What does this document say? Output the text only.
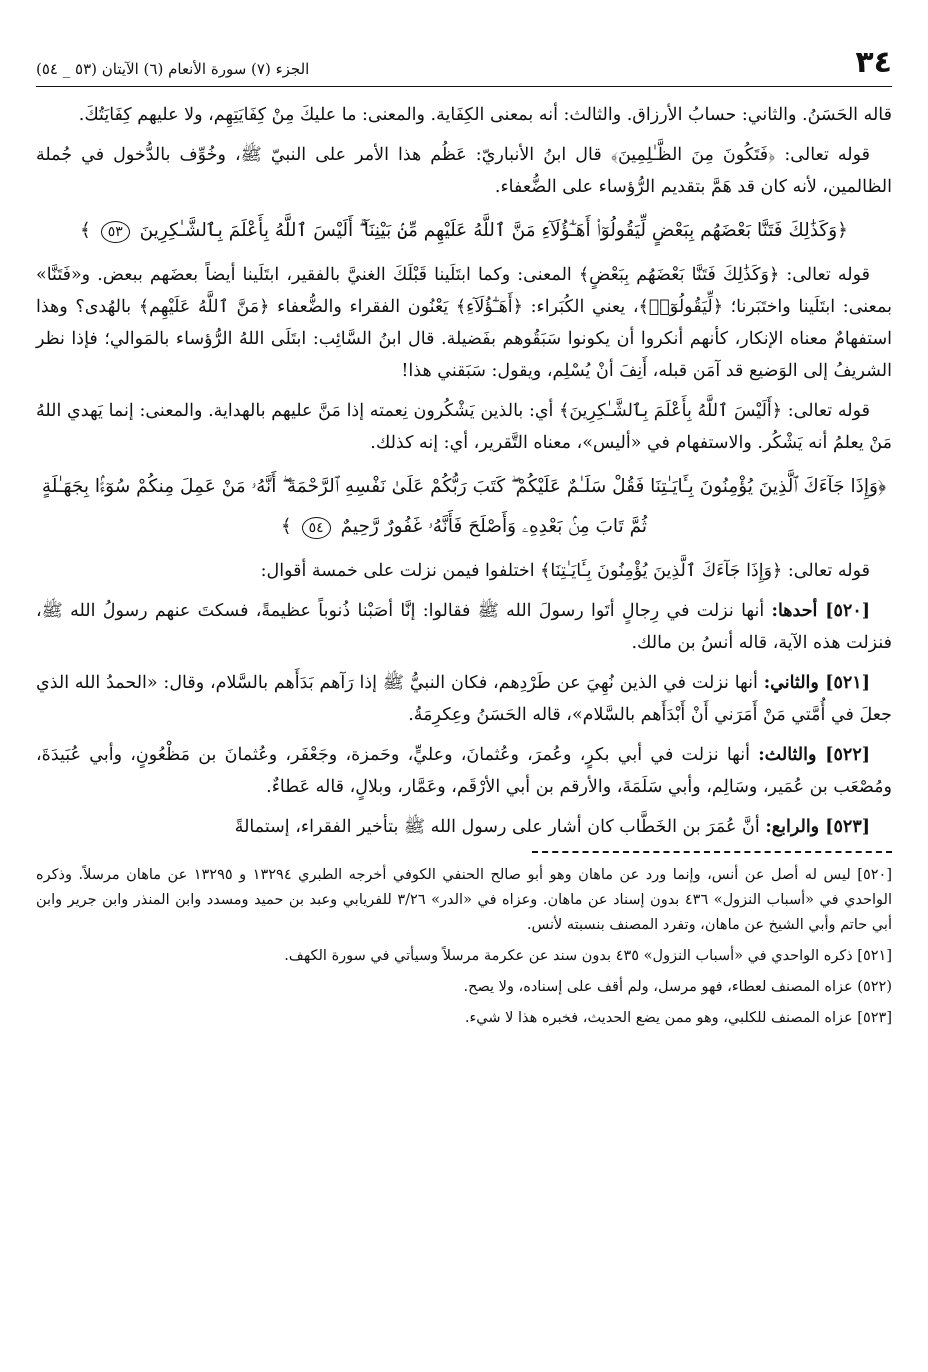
٣٤
الجزء (٧) سورة الأنعام (٦) الآيتان (٥٣ _ ٥٤)

قاله الحَسَنُ. والثاني: حسابُ الأرزاق. والثالث: أنه بمعنى الكِفَاية. والمعنى: ما عليكَ مِنْ كِفَايَتِهِم، ولا عليهم كِفَايَتُكَ.

قوله تعالى: ﴿فَتَكُونَ مِنَ الظَّـٰلِمِينَ﴾ قال ابنُ الأنباريّ: عَظُم هذا الأمر على النبيّ ﷺ، وخُوِّف بالدُّخول في جُملة الظالمين، لأنه كان قد هَمَّ بتقديم الرُّؤساء على الضُّعفاء.

﴿وَكَذَٰلِكَ فَتَنَّا بَعْضَهُم بِبَعْضٍ لِّيَقُولُوٓا۟ أَهَـٰٓؤُلَآءِ مَنَّ ٱللَّهُ عَلَيْهِم مِّنۢ بَيْنِنَآ ۗ أَلَيْسَ ٱللَّهُ بِأَعْلَمَ بِٱلشَّـٰكِرِينَ ٥٣ ﴾

قوله تعالى: ﴿وَكَذَٰلِكَ فَتَنَّا بَعْضَهُم بِبَعْضٍ﴾ المعنى: وكما ابتَلَينا قَبْلَكَ الغنيَّ بالفقير، ابتَلَينا أيضاً بعضَهم ببعض. و«فَتَنَّا» بمعنى: ابتَلَينا واختَبَرنا؛ ﴿لِّيَقُولُوٓا۟﴾، يعني الكُبَراء: ﴿أَهَـٰٓؤُلَآءِ﴾ يَعْنُون الفقراء والضُّعفاء ﴿مَنَّ ٱللَّهُ عَلَيْهِم﴾ بالهُدى؟ وهذا استفهامٌ معناه الإنكار، كأنهم أنكروا أن يكونوا سَبَقُوهم بفَضيلة. قال ابنُ السَّائِب: ابتَلَى اللهُ الرُّؤساء بالمَوالي؛ فإذا نظر الشريفُ إلى الوَضيع قد آمَن قبله، أَنِفَ أنْ يُسْلِم، ويقول: سَبَقني هذا!

قوله تعالى: ﴿أَلَيْسَ ٱللَّهُ بِأَعْلَمَ بِٱلشَّـٰكِرِينَ﴾ أي: بالذين يَشْكُرون نِعمته إذا مَنَّ عليهم بالهداية. والمعنى: إنما يَهدي اللهُ مَنْ يعلمُ أنه يَشْكُر. والاستفهام في «أليس»، معناه التَّقرير، أي: إنه كذلك.

﴿وَإِذَا جَآءَكَ ٱلَّذِينَ يُؤْمِنُونَ بِـَٔايَـٰتِنَا فَقُلْ سَلَـٰمٌ عَلَيْكُمْ ۖ كَتَبَ رَبُّكُمْ عَلَىٰ نَفْسِهِ ٱلرَّحْمَةَ ۖ أَنَّهُۥ مَنْ عَمِلَ مِنكُمْ سُوٓءًۢا بِجَهَـٰلَةٍ ثُمَّ تَابَ مِنۢ بَعْدِهِۦ وَأَصْلَحَ فَأَنَّهُۥ غَفُورٌ رَّحِيمٌ ٥٤ ﴾

قوله تعالى: ﴿وَإِذَا جَآءَكَ ٱلَّذِينَ يُؤْمِنُونَ بِـَٔايَـٰتِنَا﴾ اختلفوا فيمن نزلت على خمسة أقوال:

[٥٢٠] أحدها: أنها نزلت في رِجالٍ أتَوا رسولَ الله ﷺ فقالوا: إنَّا أصَبْنا ذُنوباً عظيمةً، فسكتَ عنهم رسولُ الله ﷺ، فنزلت هذه الآية، قاله أنسُ بن مالك.

[٥٢١] والثاني: أنها نزلت في الذين نُهِيَ عن طَرْدِهم، فكان النبيُّ ﷺ إذا رَآهم بَدَأَهم بالسَّلام، وقال: «الحمدُ الله الذي جعلَ في أُمَّتي مَنْ أَمَرَني أَنْ أَبْدَأَهم بالسَّلام»، قاله الحَسَنُ وعِكرِمَةُ.

[٥٢٢] والثالث: أنها نزلت في أبي بكرٍ، وعُمرَ، وعُثمانَ، وعليٍّ، وحَمزة، وجَعْفَر، وعُثمانَ بن مَظْعُونٍ، وأبي عُبَيدَةَ، ومُصْعَب بن عُمَير، وسَالِم، وأبي سَلَمَةَ، والأرقم بن أبي الأرْقَم، وعَمَّار، وبلالٍ، قاله عَطاءٌ.

[٥٢٣] والرابع: أنَّ عُمَرَ بن الخَطَّاب كان أشار على رسول الله ﷺ بتأخير الفقراء، إستمالةً

[٥٢٠] ليس له أصل عن أنس، وإنما ورد عن ماهان وهو أبو صالح الحنفي الكوفي أخرجه الطبري ١٣٢٩٤ و ١٣٢٩٥ عن ماهان مرسلاً. وذكره الواحدي في «أسباب النزول» ٤٣٦ بدون إسناد عن ماهان. وعزاه في «الدر» ٣/٢٦ للفريابي وعبد بن حميد ومسدد وابن المنذر وابن جرير وابن أبي حاتم وأبي الشيخ عن ماهان، وتفرد المصنف بنسبته لأنس.

[٥٢١] ذكره الواحدي في «أسباب النزول» ٤٣٥ بدون سند عن عكرمة مرسلاً وسيأتي في سورة الكهف.

(٥٢٢) عزاه المصنف لعطاء، فهو مرسل، ولم أقف على إسناده، ولا يصح.

[٥٢٣] عزاه المصنف للكلبي، وهو ممن يضع الحديث، فخبره هذا لا شيء.
